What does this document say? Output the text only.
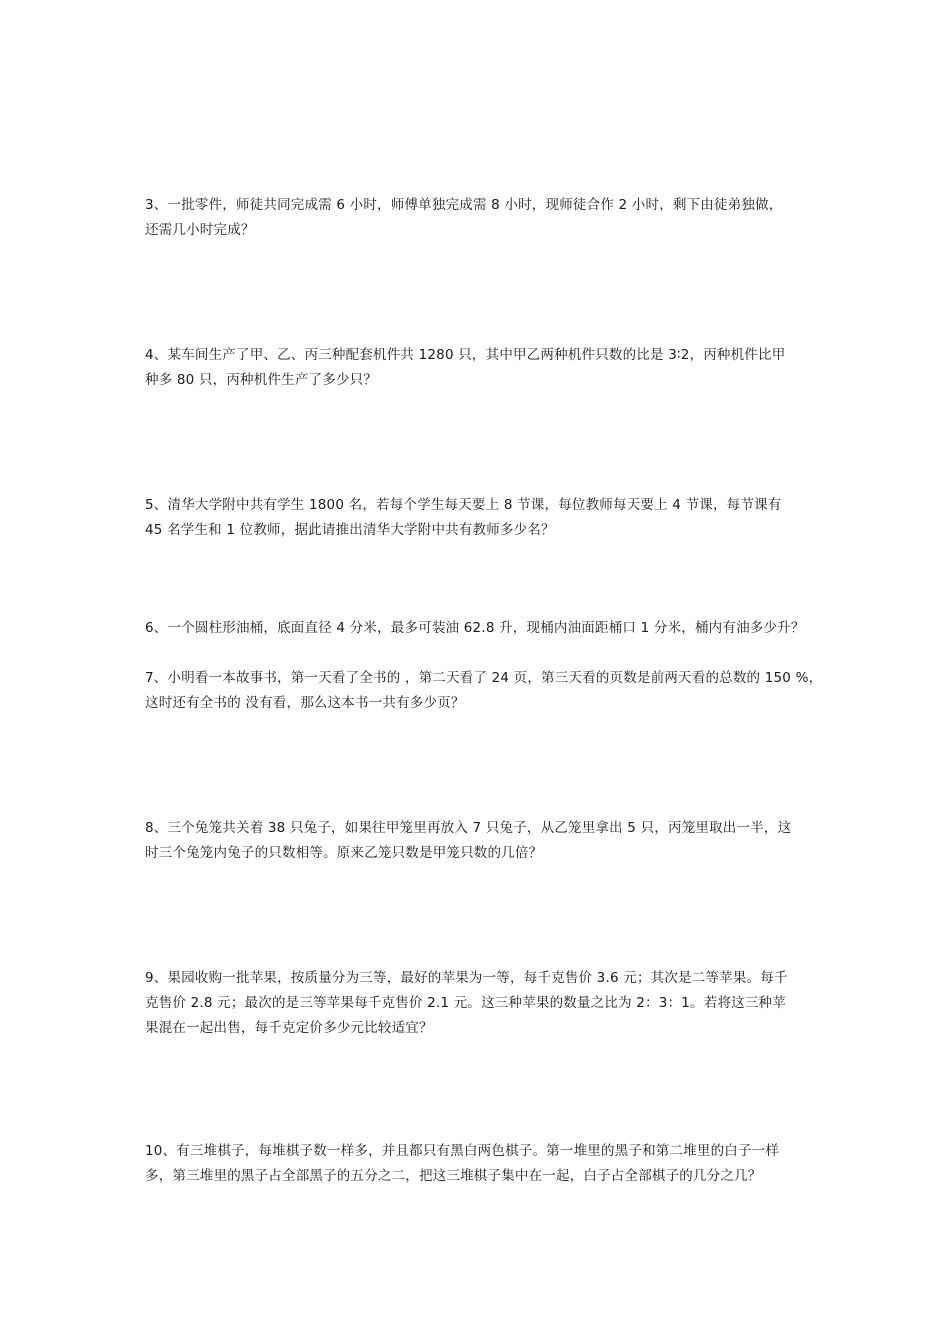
3、一批零件，师徒共同完成需 6 小时，师傅单独完成需 8 小时，现师徒合作 2 小时，剩下由徒弟独做，
还需几小时完成？
4、某车间生产了甲、乙、丙三种配套机件共 1280 只，其中甲乙两种机件只数的比是 3∶2，丙种机件比甲
种多 80 只，丙种机件生产了多少只？
5、清华大学附中共有学生 1800 名，若每个学生每天要上 8 节课，每位教师每天要上 4 节课，每节课有
45 名学生和 1 位教师，据此请推出清华大学附中共有教师多少名？
6、一个圆柱形油桶，底面直径 4 分米，最多可装油 62.8 升，现桶内油面距桶口 1 分米，桶内有油多少升？
7、小明看一本故事书，第一天看了全书的 ，第二天看了 24 页，第三天看的页数是前两天看的总数的 150 %，
这时还有全书的 没有看，那么这本书一共有多少页？
8、三个兔笼共关着 38 只兔子，如果往甲笼里再放入 7 只兔子，从乙笼里拿出 5 只，丙笼里取出一半，这
时三个兔笼内兔子的只数相等。原来乙笼只数是甲笼只数的几倍？
9、果园收购一批苹果，按质量分为三等，最好的苹果为一等，每千克售价 3.6 元；其次是二等苹果。每千
克售价 2.8 元；最次的是三等苹果每千克售价 2.1 元。这三种苹果的数量之比为 2：3：1。若将这三种苹
果混在一起出售，每千克定价多少元比较适宜？
10、有三堆棋子，每堆棋子数一样多，并且都只有黑白两色棋子。第一堆里的黑子和第二堆里的白子一样
多，第三堆里的黑子占全部黑子的五分之二，把这三堆棋子集中在一起，白子占全部棋子的几分之几？
